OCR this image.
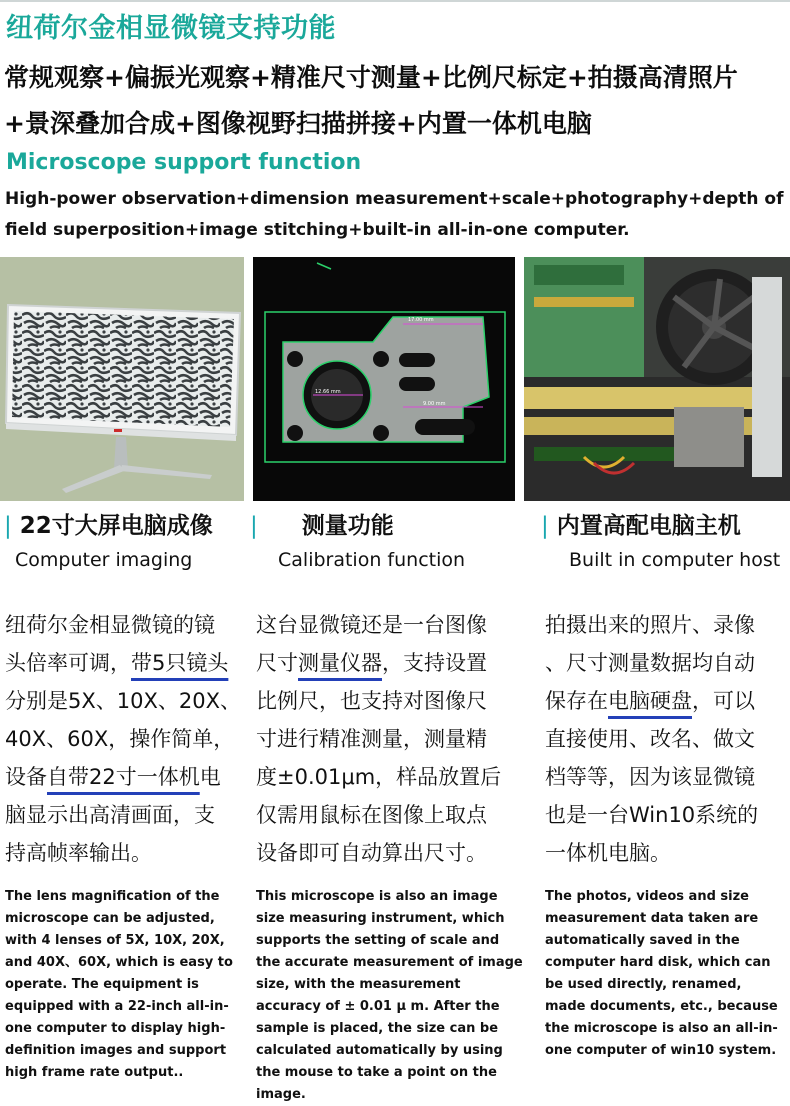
纽荷尔金相显微镜支持功能
常规观察+偏振光观察+精准尺寸测量+比例尺标定+拍摄高清照片
+景深叠加合成+图像视野扫描拼接+内置一体机电脑
Microscope support function
High-power observation+dimension measurement+scale+photography+depth of field superposition+image stitching+built-in all-in-one computer.
12.66 mm
17.00 mm
9.00 mm
| 22寸大屏电脑成像 | 测量功能	| 内置高配电脑主机
Computer imaging	Calibration function	Built in computer host
纽荷尔金相显微镜的镜
头倍率可调，带5只镜头
分别是5X、10X、20X、
40X、60X，操作简单，
设备自带22寸一体机电
脑显示出高清画面，支
持高帧率输出。
这台显微镜还是一台图像
尺寸测量仪器，支持设置
比例尺，也支持对图像尺
寸进行精准测量，测量精
度±0.01μm，样品放置后
仅需用鼠标在图像上取点
设备即可自动算出尺寸。
拍摄出来的照片、录像
、尺寸测量数据均自动
保存在电脑硬盘，可以
直接使用、改名、做文
档等等，因为该显微镜
也是一台Win10系统的
一体机电脑。
The lens magnification of the microscope can be adjusted, with 4 lenses of 5X, 10X, 20X, and 40X、60X, which is easy to operate. The equipment is equipped with a 22-inch all-in-one computer to display high-definition images and support high frame rate output..
This microscope is also an image size measuring instrument, which supports the setting of scale and the accurate measurement of image size, with the measurement accuracy of ± 0.01 μ m. After the sample is placed, the size can be calculated automatically by using the mouse to take a point on the image.
The photos, videos and size measurement data taken are automatically saved in the computer hard disk, which can be used directly, renamed, made documents, etc., because the microscope is also an all-in-one computer of win10 system.
